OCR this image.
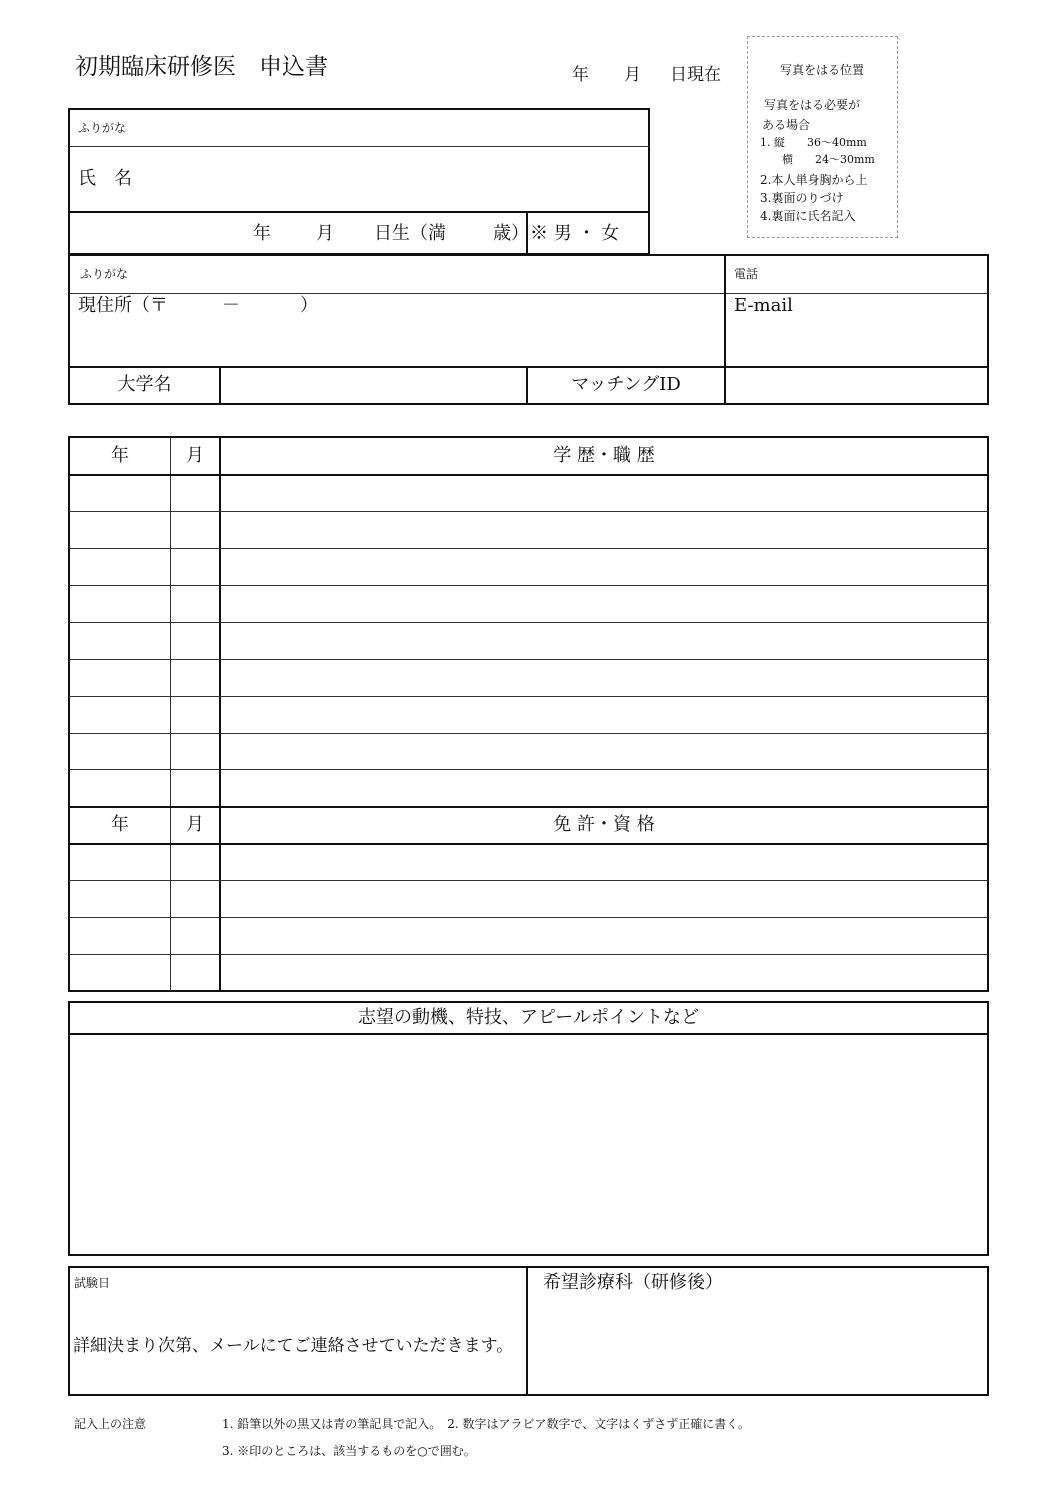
初期臨床研修医　申込書	年 月 日現在	写真をはる位置
写真をはる必要が
ある場合
1. 縦　　36～40mm
　　横　　24～30mm
2.本人単身胸から上
3.裏面のりづけ
4.裏面に氏名記入
ふりがな
氏　名
年	月 日生（満	歳） ※ 男 ・ 女
ふりがな
現住所（〒	－	）
電話
E-mail
大学名	マッチングID
年	月	学 歴・職 歴
年	月	免 許・資 格
志望の動機、特技、アピールポイントなど
試験日
詳細決まり次第、メールにてご連絡させていただきます。
希望診療科（研修後）
記入上の注意	1. 鉛筆以外の黒又は青の筆記具で記入。　2. 数字はアラビア数字で、文字はくずさず正確に書く。
3. ※印のところは、該当するものを○で囲む。
